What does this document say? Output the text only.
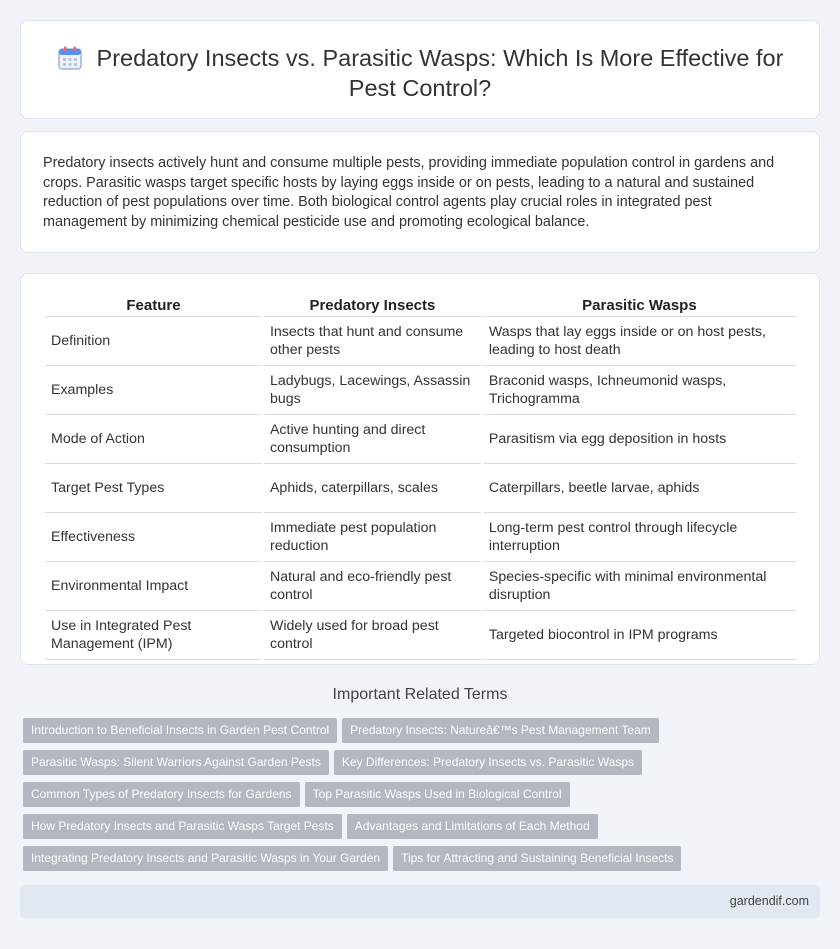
Predatory Insects vs. Parasitic Wasps: Which Is More Effective for Pest Control?

Predatory insects actively hunt and consume multiple pests, providing immediate population control in gardens and crops. Parasitic wasps target specific hosts by laying eggs inside or on pests, leading to a natural and sustained reduction of pest populations over time. Both biological control agents play crucial roles in integrated pest management by minimizing chemical pesticide use and promoting ecological balance.

Feature	Predatory Insects	Parasitic Wasps
Definition	Insects that hunt and consume other pests	Wasps that lay eggs inside or on host pests, leading to host death
Examples	Ladybugs, Lacewings, Assassin bugs	Braconid wasps, Ichneumonid wasps, Trichogramma
Mode of Action	Active hunting and direct consumption	Parasitism via egg deposition in hosts
Target Pest Types	Aphids, caterpillars, scales	Caterpillars, beetle larvae, aphids
Effectiveness	Immediate pest population reduction	Long-term pest control through lifecycle interruption
Environmental Impact	Natural and eco-friendly pest control	Species-specific with minimal environmental disruption
Use in Integrated Pest Management (IPM)	Widely used for broad pest control	Targeted biocontrol in IPM programs
Important Related Terms
Introduction to Beneficial Insects in Garden Pest Control Predatory Insects: Natureâ€™s Pest Management Team
Parasitic Wasps: Silent Warriors Against Garden Pests Key Differences: Predatory Insects vs. Parasitic Wasps
Common Types of Predatory Insects for Gardens Top Parasitic Wasps Used in Biological Control
How Predatory Insects and Parasitic Wasps Target Pests Advantages and Limitations of Each Method
Integrating Predatory Insects and Parasitic Wasps in Your Garden Tips for Attracting and Sustaining Beneficial Insects
gardendif.com
